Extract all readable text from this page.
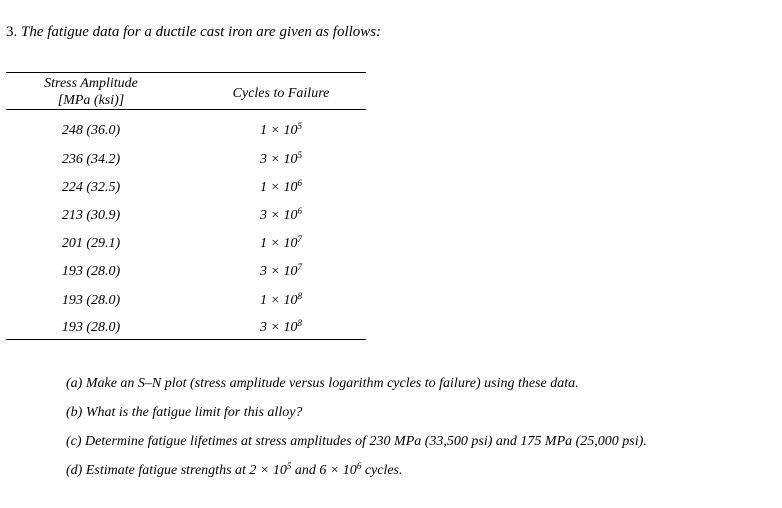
3. The fatigue data for a ductile cast iron are given as follows:
Stress Amplitude
[MPa (ksi)]	Cycles to Failure
248 (36.0)	$1 \times 10^5$
236 (34.2)	$3 \times 10^5$
224 (32.5)	$1 \times 10^6$
213 (30.9)	$3 \times 10^6$
201 (29.1)	$1 \times 10^7$
193 (28.0)	$3 \times 10^7$
193 (28.0)	$1 \times 10^8$
193 (28.0)	$3 \times 10^8$
(a) Make an S–N plot (stress amplitude versus logarithm cycles to failure) using these data.
(b) What is the fatigue limit for this alloy?
(c) Determine fatigue lifetimes at stress amplitudes of 230 MPa (33,500 psi) and 175 MPa (25,000 psi).
(d) Estimate fatigue strengths at $2 \times 10^5$ and $6 \times 10^6$ cycles.
